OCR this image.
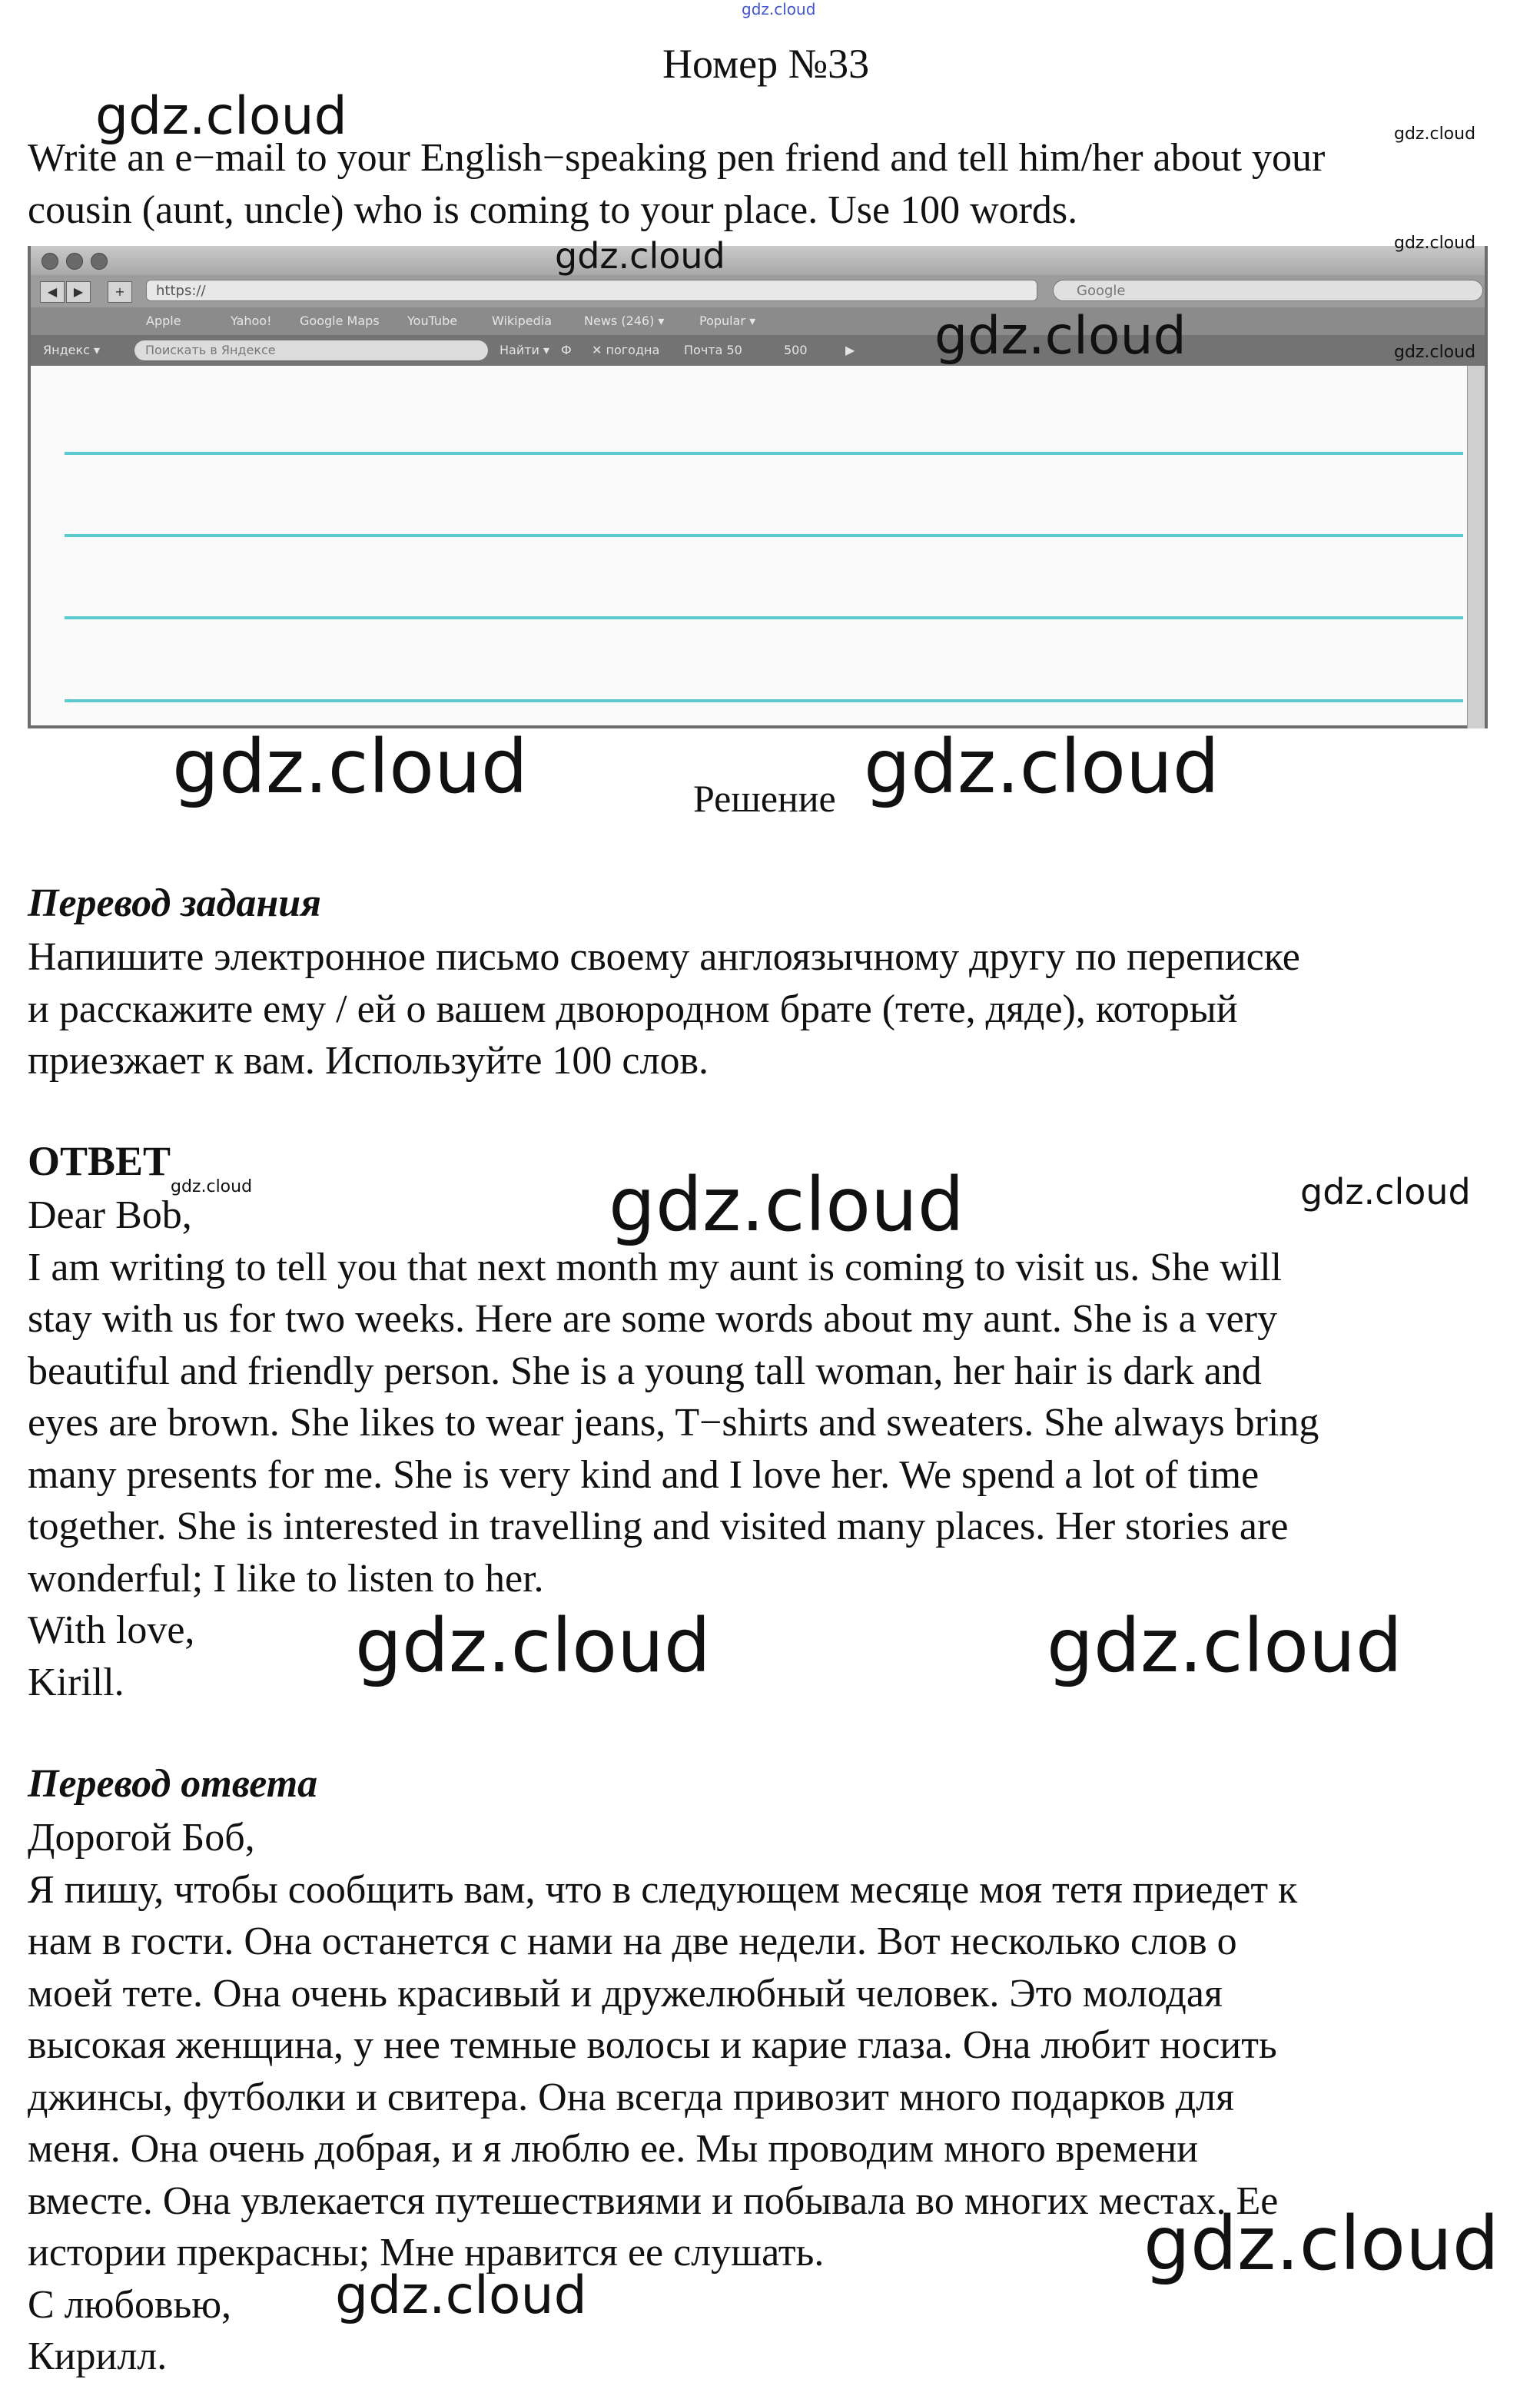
gdz.cloud
Номер №33
Write an e−mail to your English−speaking pen friend and tell him/her about your
cousin (aunt, uncle) who is coming to your place. Use 100 words.
◀	▶	+	https://	Google
Apple	Yahoo! Google Maps YouTube	Wikipedia	News (246) ▾	Popular ▾
Яндекс ▾	Поискать в Яндексе	Найти ▾ Ф ✕ погодна Почта 50	500	▶
Решение
Перевод задания
Напишите электронное письмо своему англоязычному другу по переписке
и расскажите ему / ей о вашем двоюродном брате (тете, дяде), который
приезжает к вам. Используйте 100 слов.
ОТВЕТ
Dear Bob,
I am writing to tell you that next month my aunt is coming to visit us. She will
stay with us for two weeks. Here are some words about my aunt. She is a very
beautiful and friendly person. She is a young tall woman, her hair is dark and
eyes are brown. She likes to wear jeans, T−shirts and sweaters. She always bring
many presents for me. She is very kind and I love her. We spend a lot of time
together. She is interested in travelling and visited many places. Her stories are
wonderful; I like to listen to her.
With love,
Kirill.
Перевод ответа
Дорогой Боб,
Я пишу, чтобы сообщить вам, что в следующем месяце моя тетя приедет к
нам в гости. Она останется с нами на две недели. Вот несколько слов о
моей тете. Она очень красивый и дружелюбный человек. Это молодая
высокая женщина, у нее темные волосы и карие глаза. Она любит носить
джинсы, футболки и свитера. Она всегда привозит много подарков для
меня. Она очень добрая, и я люблю ее. Мы проводим много времени
вместе. Она увлекается путешествиями и побывала во многих местах. Ее
истории прекрасны; Мне нравится ее слушать.
С любовью,
Кирилл.
gdz.cloud	gdz.cloud
gdz.cloud	gdz.cloud
gdz.cloud	gdz.cloud
gdz.cloud	gdz.cloud
gdz.cloud	gdz.cloud	gdz.cloud
gdz.cloud	gdz.cloud
gdz.cloud
gdz.cloud
